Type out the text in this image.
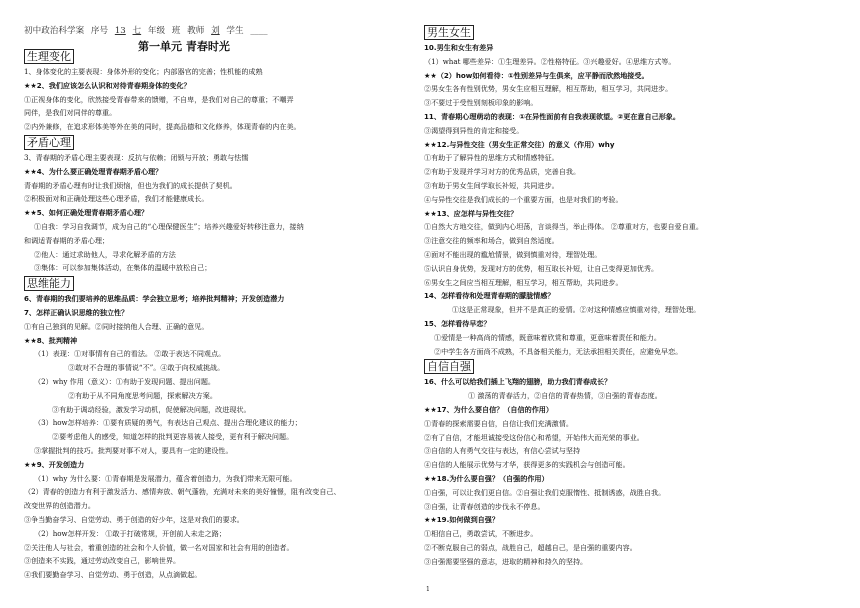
初中政治科学案 序号 13 七 年级 班 教师 刘 学生 ____
第一单元 青春时光
生理变化
1、身体变化的主要表现：身体外形的变化；内部器官的完善；性机能的成熟
★★2、我们应该怎么认识和对待青春期身体的变化？
①正视身体的变化，欣然接受青春带来的馈赠，不自卑，是我们对自己的尊重；不嘲弄
同伴，是我们对同伴的尊重。
②内外兼修，在追求形体美等外在美的同时，提高品德和文化修养，体现青春的内在美。
矛盾心理
3、青春期的矛盾心理主要表现：反抗与依赖；闭锁与开放；勇敢与怯懦
★★4、为什么要正确处理青春期矛盾心理？
青春期的矛盾心理有时让我们烦恼，但也为我们的成长提供了契机。
②积极面对和正确处理这些心理矛盾，我们才能健康成长。
★★5、如何正确处理青春期矛盾心理？
①自我：学习自我调节，成为自己的“心理保健医生”；培养兴趣爱好转移注意力，接纳
和调适青春期的矛盾心理；
②他人：通过求助他人，寻求化解矛盾的方法
③集体：可以参加集体活动，在集体的温暖中放松自己；
思维能力
6、青春期的我们要培养的思维品质：学会独立思考；培养批判精神；开发创造潜力
7、怎样正确认识思维的独立性？
①有自己独到的见解。②同时接纳他人合理、正确的意见。
★★8、批判精神
（1）表现：①对事情有自己的看法。 ②敢于表达不同观点。
③敢对不合理的事情说“不”。④敢于向权威挑战。
（2）why 作用（意义）：①有助于发现问题、提出问题。
②有助于从不同角度思考问题，探索解决方案。
③有助于调动经验，激发学习动机，促使解决问题，改进现状。
（3）how怎样培养：①要有质疑的勇气，有表达自己观点、提出合理化建议的能力；
②要考虑他人的感受，知道怎样的批判更容易被人接受，更有利于解决问题。
③掌握批判的技巧。批判要对事不对人，要具有一定的建设性。
★★9、开发创造力
（1）why 为什么要：①青春期是发展潜力，蕴含着创造力，为我们带来无限可能。
（2）青春的创造力有利于激发活力、感情奔放、朝气蓬勃，充满对未来的美好憧憬，阻有改变自己、
改变世界的创造潜力。
③争当勤奋学习、自觉劳动、勇于创造的好少年，这是对我们的要求。
（2）how怎样开发： ①敢于打破常规，开创前人未走之路；
②关注他人与社会，着重创造的社会和个人价值，做一名对国家和社会有用的创造者。
③创造来不实践，通过劳动改变自己，影响世界。
④我们要勤奋学习、自觉劳动、勇于创造，从点滴做起。
男生女生
10.男生和女生有差异
（1）what 哪些差异：①生理差异。②性格特征。③兴趣爱好。④思维方式等。
★★（2）how如何看待：①性别差异与生俱来，应平静而欣然地接受。
②男女生各有性别优势，男女生应相互理解，相互帮助，相互学习，共同进步。
③不要过于受性别刻板印象的影响。
11、青春期心理萌动的表现：①在异性面前有自我表现欲望。②更在意自己形象。
③渴望得到异性的肯定和接受。
★★12.与异性交往（男女生正常交往）的意义（作用）why
①有助于了解异性的思维方式和情感特征。
②有助于发现并学习对方的优秀品质，完善自我。
③有助于男女生间学取长补短，共同进步。
④与异性交往是我们成长的一个重要方面，也是对我们的考验。
★★13、应怎样与异性交往？
①自然大方地交往，做到内心坦荡，言谈得当，举止得体。 ②尊重对方，也要自爱自重。
③注意交往的频率和场合，做到自然适度。
④面对不能出现的尴尬情景，做到慎重对待，理智处理。
⑤认识自身优势，发现对方的优势，相互取长补短，让自己变得更加优秀。
⑥男女生之间应当相互理解，相互学习，相互帮助，共同进步。
14、怎样看待和处理青春期的朦胧情感？
①这是正常现象，但并不是真正的爱情。②对这种情感应慎重对待，理智处理。
15、怎样看待早恋？
①爱情是一种高尚的情感，既意味着欣赏和尊重，更意味着责任和能力。
②中学生各方面尚不成熟，不具备相关能力，无法承担相关责任，应避免早恋。
自信自强
16、什么可以给我们插上飞翔的翅膀，助力我们青春成长？
① 激荡的青春活力，②自信的青春热情，③自强的青春态度。
★★17、为什么要自信？（自信的作用）
①青春的探索需要自信，自信让我们充满激情。
②有了自信，才能坦诚接受这份信心和希望，开始伟大而光荣的事业。
③自信的人有勇气交往与表达，有信心尝试与坚持
④自信的人能展示优势与才华，获得更多的实践机会与创造可能。
★★18.为什么要自强？（自强的作用）
①自强，可以让我们更自信。②自强让我们克服惰性、抵制诱惑，战胜自我。
③自强，让青春创造的步伐永不停息。
★★19.如何做到自强？
①相信自己，勇敢尝试，不断进步。
②不断克服自己的弱点，战胜自己，超越自己，是自强的重要内容。
③自强需要坚强的意志，进取的精神和持久的坚持。
1
